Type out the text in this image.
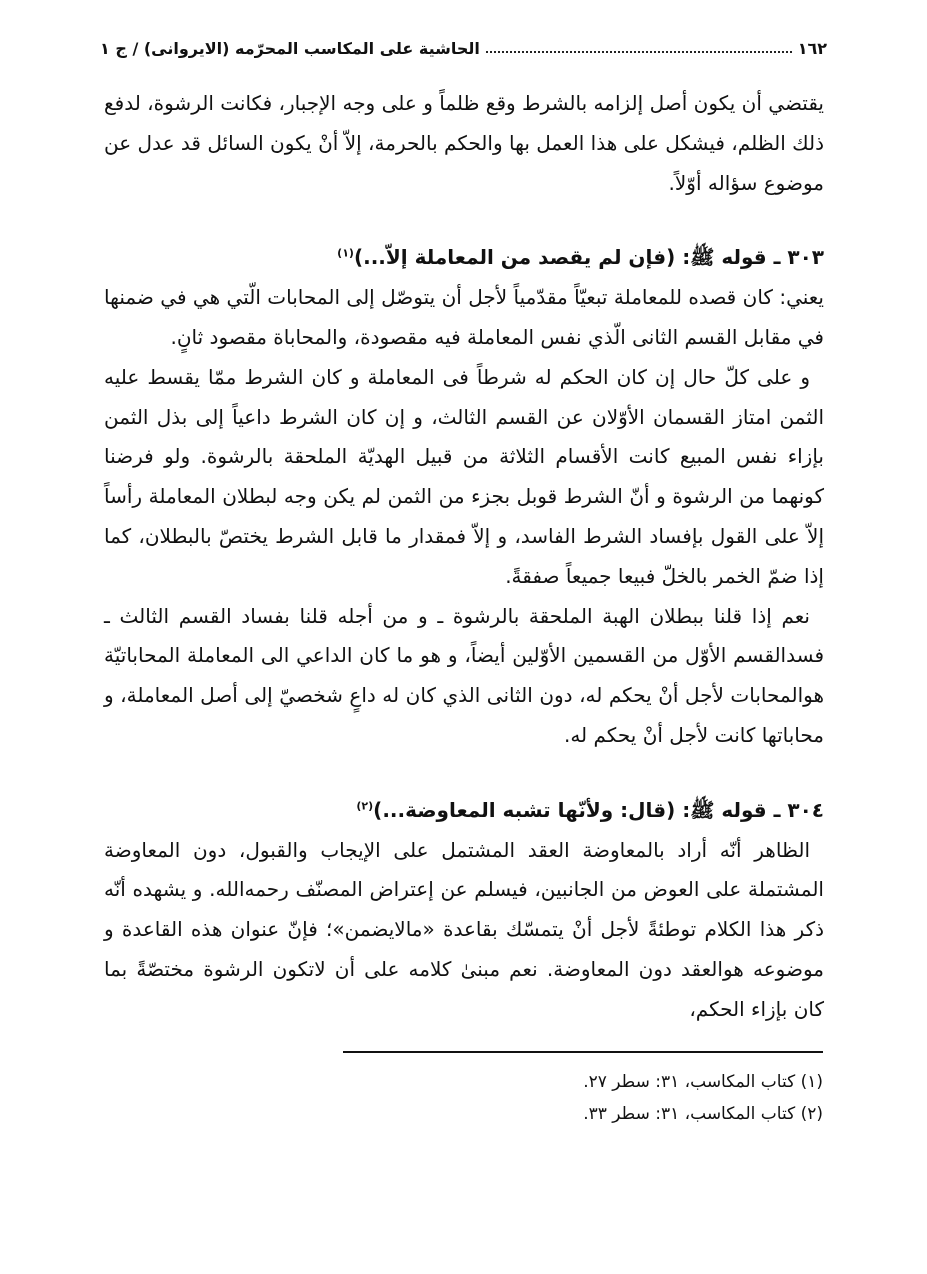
١٦٢
الحاشية على المكاسب المحرّمه (الايروانى) / ج ١

يقتضي أن يكون أصل إلزامه بالشرط وقع ظلماً و على وجه الإجبار، فكانت الرشوة، لدفع ذلك الظلم، فيشكل على هذا العمل بها والحكم بالحرمة، إلاّ أنْ يكون السائل قد عدل عن موضوع سؤاله أوّلاً.

٣٠٣ ـ قوله ﷺ: (فإن لم يقصد من المعاملة إلاّ...)$^{(١)}$

يعني: كان قصده للمعاملة تبعيّاً مقدّمياً لأجل أن يتوصّل إلى المحابات الّتي هي في ضمنها في مقابل القسم الثانى الّذي نفس المعاملة فيه مقصودة، والمحاباة مقصود ثانٍ.

و على كلّ حال إن كان الحكم له شرطاً فى المعاملة و كان الشرط ممّا يقسط عليه الثمن امتاز القسمان الأوّلان عن القسم الثالث، و إن كان الشرط داعياً إلى بذل الثمن بإزاء نفس المبيع كانت الأقسام الثلاثة من قبيل الهديّة الملحقة بالرشوة. ولو فرضنا كونهما من الرشوة و أنّ الشرط قوبل بجزء من الثمن لم يكن وجه لبطلان المعاملة رأساً إلاّ على القول بإفساد الشرط الفاسد، و إلاّ فمقدار ما قابل الشرط يختصّ بالبطلان، كما إذا ضمّ الخمر بالخلّ فبيعا جميعاً صفقةً.

نعم إذا قلنا ببطلان الهبة الملحقة بالرشوة ـ و من أجله قلنا بفساد القسم الثالث ـ فسدالقسم الأوّل من القسمين الأوّلين أيضاً، و هو ما كان الداعي الى المعاملة المحاباتيّة هوالمحابات لأجل أنْ يحكم له، دون الثانى الذي كان له داعٍ شخصيّ إلى أصل المعاملة، و محاباتها كانت لأجل أنْ يحكم له.

٣٠٤ ـ قوله ﷺ: (قال: ولأنّها تشبه المعاوضة...)$^{(٢)}$

الظاهر أنّه أراد بالمعاوضة العقد المشتمل على الإيجاب والقبول، دون المعاوضة المشتملة على العوض من الجانبين، فيسلم عن إعتراض المصنّف رحمه‌الله. و يشهده أنّه ذكر هذا الكلام توطئةً لأجل أنْ يتمسّك بقاعدة «مالايضمن»؛ فإنّ عنوان هذه القاعدة و موضوعه هوالعقد دون المعاوضة. نعم مبنىٰ كلامه على أن لاتكون الرشوة مختصّةً بما كان بإزاء الحكم،

(١) كتاب المكاسب، ٣١: سطر ٢٧.

(٢) كتاب المكاسب، ٣١: سطر ٣٣.
